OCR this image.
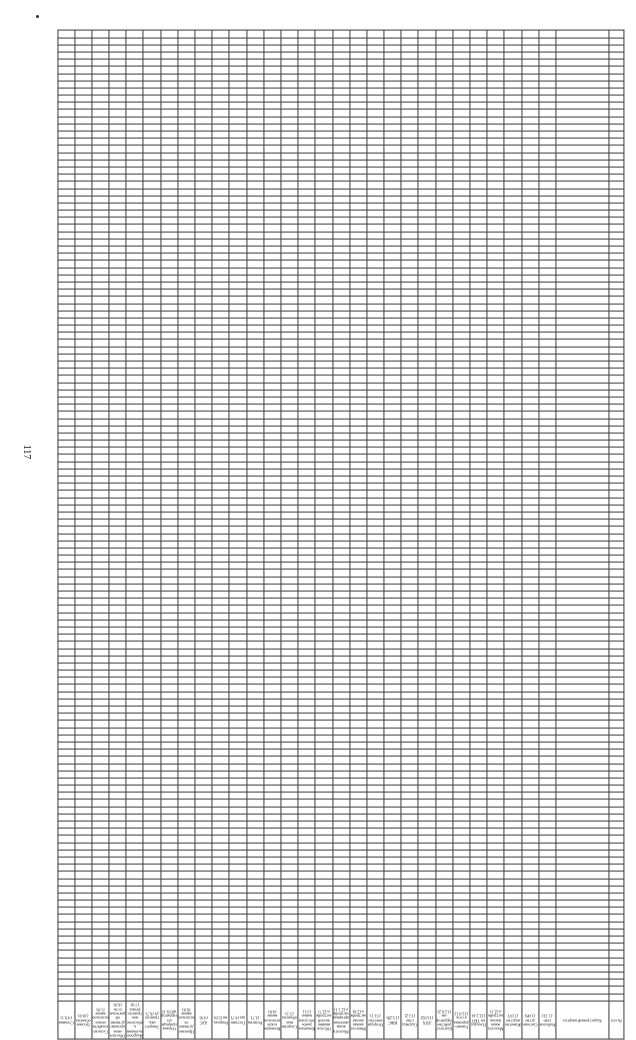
117
№ п/п	Кадастровый квартал	Рыболовство (1.13)	Скотоводство (1.08)	Животноводство (1.07)	Малоэтажная жилая застройка (2.1)	Площадки ТБО (12.2.4)	Улично-дорожная сеть (12.0.1)	Благоустройство территории (12.0.2)	ЛПХ (13.02)	Садоводство (13.2)	ИЖС (13.28)	Огородничество (13.1)	Многоэтажная жилая застройка (2.6)	Малоэтажная многоквартирная застройка (2.1.1)	Обслуживание жилой застройки (2.7)	Коммунальное обслуживание (3.1)	Спортивные объекты (5.1)	Коммерческое использование (4.0)	Религия (3.7)	Гостиницы (4.7)	Рекреация (5.0)	АЗС (4.9)	Производственное использование (6.0)	Охрана природных территорий (9.1)	Энергетика, транспорт (6.7)	Недропользование, обеспечение транспортных (7.0)	Обеспечение производственной деятельности (6.9)	Сельскохозяйственное использование (1.0)	Лесные объекты (10.0)	Стоянки (4.9.1)
